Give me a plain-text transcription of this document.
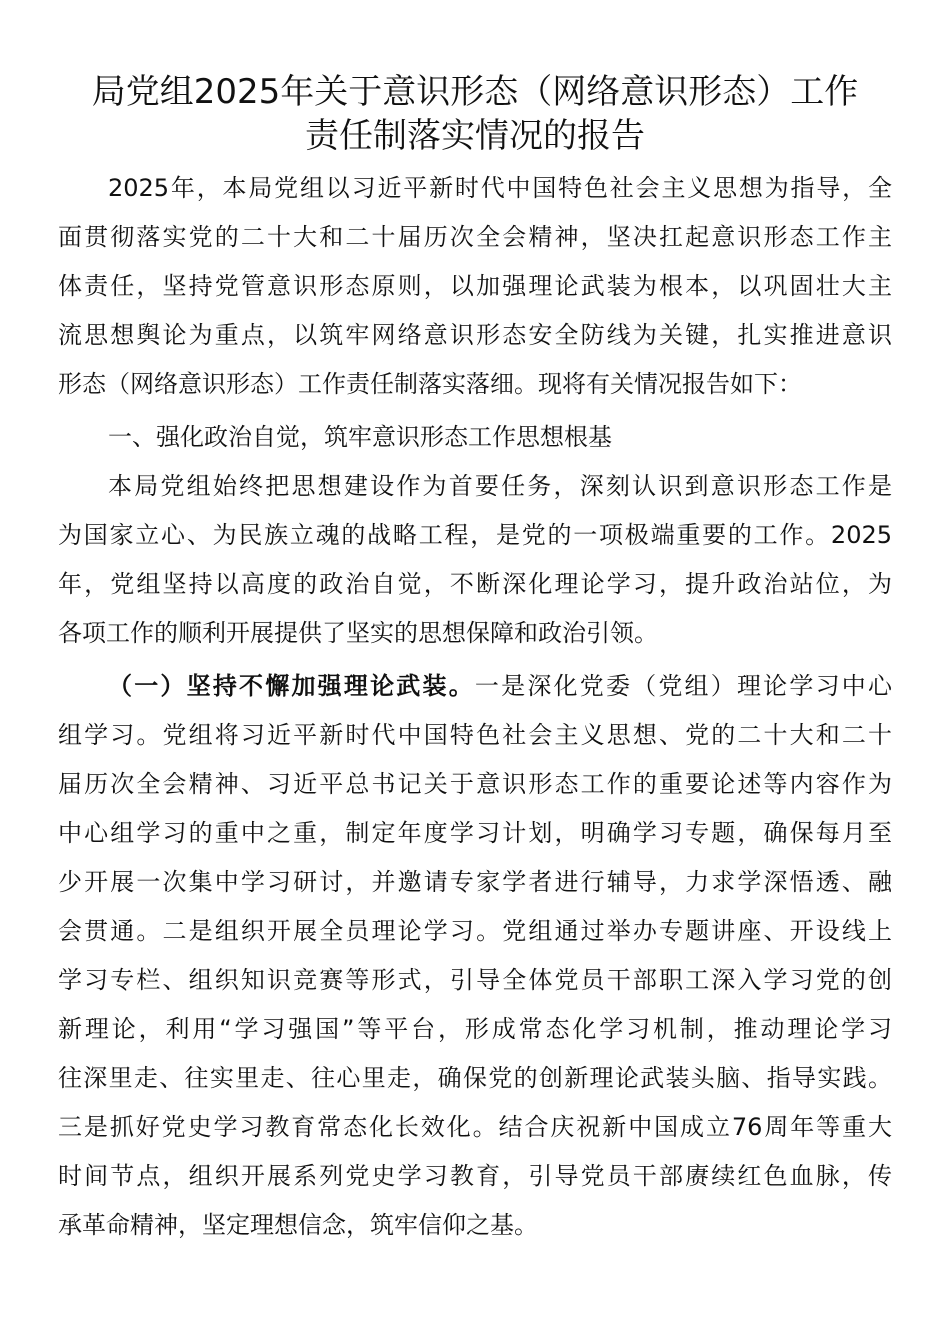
局党组2025年关于意识形态（网络意识形态）工作
责任制落实情况的报告
2025年，本局党组以习近平新时代中国特色社会主义思想为指导，全
面贯彻落实党的二十大和二十届历次全会精神，坚决扛起意识形态工作主
体责任，坚持党管意识形态原则，以加强理论武装为根本，以巩固壮大主
流思想舆论为重点，以筑牢网络意识形态安全防线为关键，扎实推进意识
形态（网络意识形态）工作责任制落实落细。现将有关情况报告如下：
一、强化政治自觉，筑牢意识形态工作思想根基
本局党组始终把思想建设作为首要任务，深刻认识到意识形态工作是
为国家立心、为民族立魂的战略工程，是党的一项极端重要的工作。2025
年，党组坚持以高度的政治自觉，不断深化理论学习，提升政治站位，为
各项工作的顺利开展提供了坚实的思想保障和政治引领。
（一）坚持不懈加强理论武装。一是深化党委（党组）理论学习中心
组学习。党组将习近平新时代中国特色社会主义思想、党的二十大和二十
届历次全会精神、习近平总书记关于意识形态工作的重要论述等内容作为
中心组学习的重中之重，制定年度学习计划，明确学习专题，确保每月至
少开展一次集中学习研讨，并邀请专家学者进行辅导，力求学深悟透、融
会贯通。二是组织开展全员理论学习。党组通过举办专题讲座、开设线上
学习专栏、组织知识竞赛等形式，引导全体党员干部职工深入学习党的创
新理论，利用“学习强国”等平台，形成常态化学习机制，推动理论学习
往深里走、往实里走、往心里走，确保党的创新理论武装头脑、指导实践。
三是抓好党史学习教育常态化长效化。结合庆祝新中国成立76周年等重大
时间节点，组织开展系列党史学习教育，引导党员干部赓续红色血脉，传
承革命精神，坚定理想信念，筑牢信仰之基。
